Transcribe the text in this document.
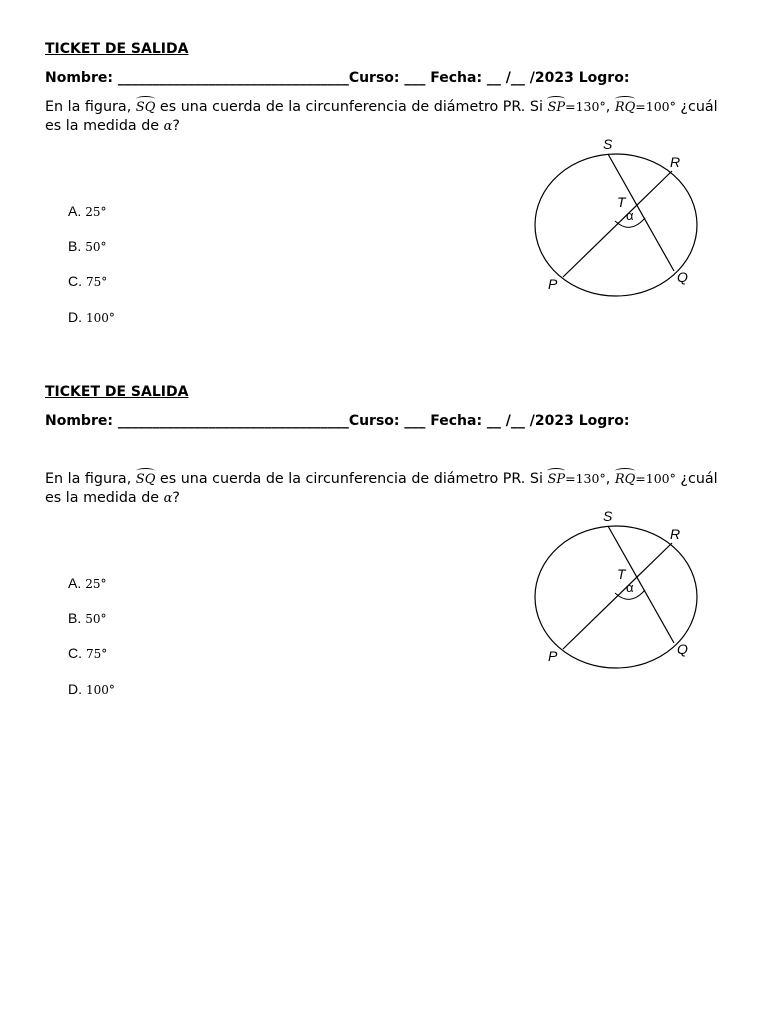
TICKET DE SALIDA
Nombre: _________________________________Curso: ___ Fecha: __ /__ /2023 Logro:
En la figura, SQ es una cuerda de la circunferencia de diámetro PR. Si SP=130°, RQ=100° ¿cuál es la medida de α?
A. 25°
B. 50°
C. 75°
D. 100°
S
R
T
α
P	Q
TICKET DE SALIDA
Nombre: _________________________________Curso: ___ Fecha: __ /__ /2023 Logro:
En la figura, SQ es una cuerda de la circunferencia de diámetro PR. Si SP=130°, RQ=100° ¿cuál es la medida de α?
A. 25°
B. 50°
C. 75°
D. 100°
S
R
T
α
P	Q
